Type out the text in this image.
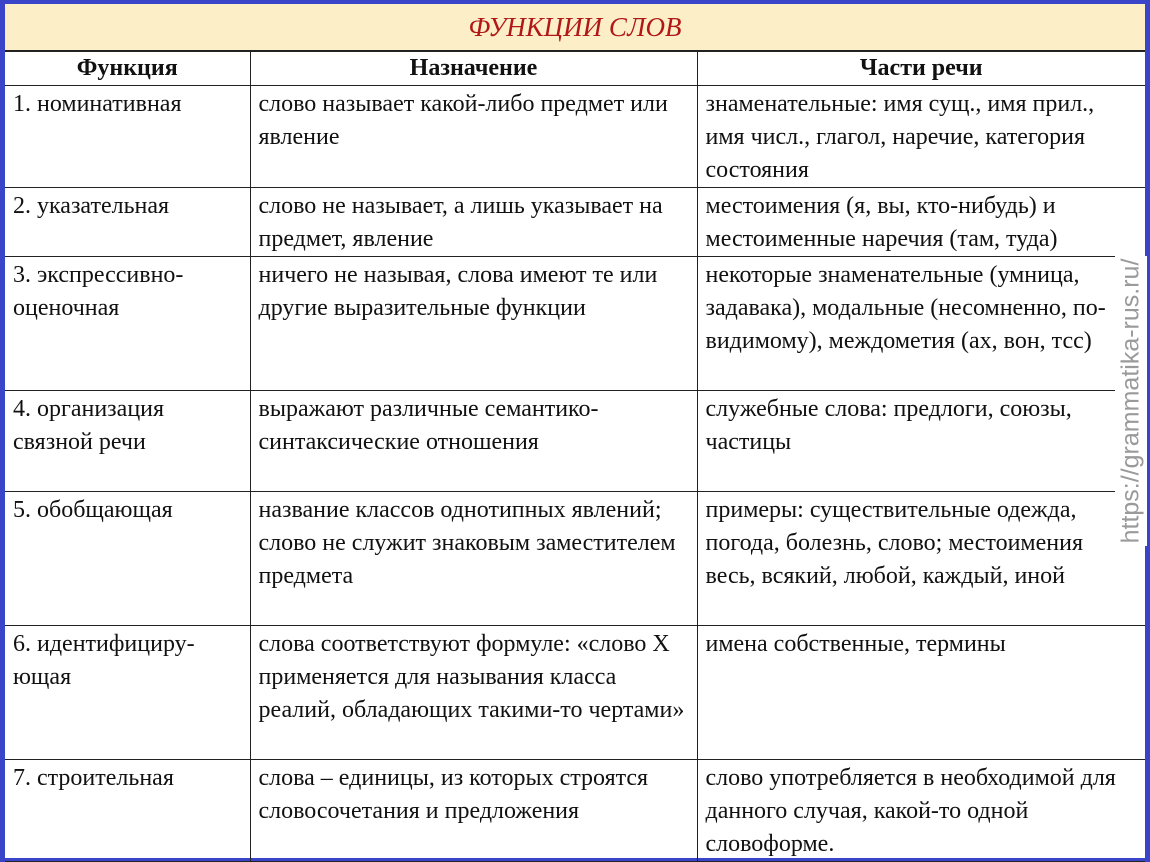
ФУНКЦИИ СЛОВ
Функция	Назначение	Части речи
1. номинативная	слово называет какой-либо предмет или явление	знаменательные: имя сущ., имя прил., имя числ., глагол, наречие, категория состояния
2. указательная	слово не называет, а лишь указывает на предмет, явление	местоимения (я, вы, кто-нибудь) и местоименные наречия (там, туда)
3. экспрессивно-оценочная	ничего не называя, слова имеют те или другие выразительные функции	некоторые знаменательные (умница, задавака), модальные (несомненно, по-видимому), междометия (ах, вон, тсс)
4. организация связной речи	выражают различные семантико-синтаксические отношения	служебные слова: предлоги, союзы, частицы
5. обобщающая	название классов однотипных явлений; слово не служит знаковым заместителем предмета	примеры: существительные одежда, погода, болезнь, слово; местоимения весь, всякий, любой, каждый, иной
6. идентифициру-ющая	слова соответствуют формуле: «слово Х применяется для называния класса реалий, обладающих такими-то чертами»	имена собственные, термины
7. строительная	слова – единицы, из которых строятся словосочетания и предложения	слово употребляется в необходимой для данного случая, какой-то одной словоформе.
https://grammatika-rus.ru/
